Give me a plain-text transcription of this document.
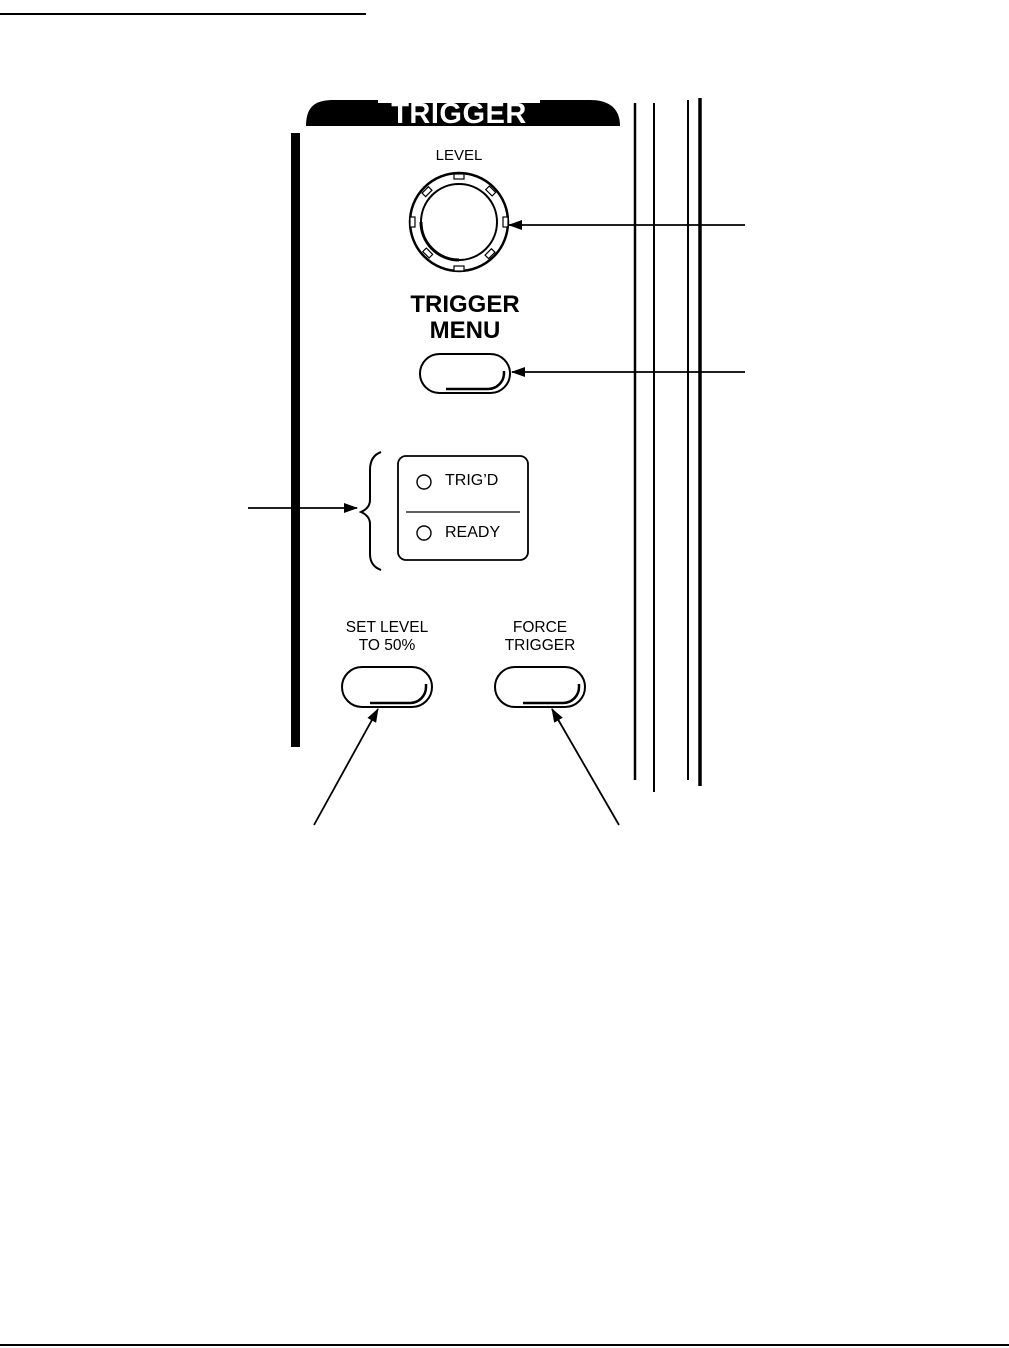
TRIGGER
LEVEL
TRIGGER
MENU
TRIG’D
READY
SET LEVEL
TO 50%
FORCE
TRIGGER
